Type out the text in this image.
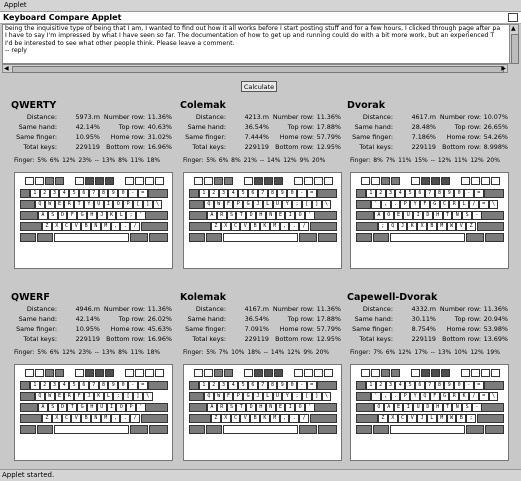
Applet
Keyboard Compare Applet

being the inquisitive type of being that I am, I wanted to find out how it all works before I start posting stuff and for a few hours, I clicked through page after pa

I have to say I'm impressed by what I have seen so far. The documentation of how to get up and running could do with a bit more work, but an experienced T

I'd be interested to see what other people think. Please leave a comment.

-- reply

▲
◀	▶
Calculate
QWERTY
Distance:	5973.m Number row: 11.36%
Same hand:	42.14%	Top row: 40.63%
Same finger:	10.95% Home row: 31.02%
Total keys:	229119 Bottom row: 16.96%
Finger: 5% 6% 12% 23% -- 13% 8% 11% 18%
1	2	3	4	5	6	7	8	9	0	-	=
Q	W	E	R	T	Y	U	I	O	P	[	]	\
A	S	D	F	G	H	J	K	L	;	'
Z	X	C	V	B	N	M	,	.	/
Colemak
Distance:	4213.m Number row: 11.36%
Same hand:	36.54%	Top row: 17.88%
Same finger:	7.444% Home row: 57.79%
Total keys:	229119 Bottom row: 12.95%
Finger: 5% 6% 8% 21% -- 14% 12% 9% 20%
1	2	3	4	5	6	7	8	9	0	-	=
Q	W	F	P	G	J	L	U	Y	;	[	]	\
A	R	S	T	D	H	N	E	I	O	'
Z	X	C	V	B	K	M	,	.	/
Dvorak
Distance:	4617.m Number row: 10.07%
Same hand:	28.48%	Top row: 26.65%
Same finger:	7.186% Home row: 54.26%
Total keys:	229119 Bottom row: 8.998%
Finger: 8% 7% 11% 15% -- 12% 11% 12% 20%
1	2	3	4	5	6	7	8	9	0	-	=
'	,	.	P	Y	F	G	C	R	L	/	=	\
A	O	E	U	I	D	H	T	N	S	-
;	Q	J	K	X	B	M	W	V	Z
QWERF
Distance:	4946.m Number row: 11.36%
Same hand:	42.14%	Top row: 26.02%
Same finger:	10.95% Home row: 45.63%
Total keys:	229119 Bottom row: 16.96%
Finger: 5% 6% 12% 23% -- 13% 8% 11% 18%
1	2	3	4	5	6	7	8	9	0	-	=
Q	W	E	R	F	J	K	L	;	[	]	\
A	S	D	T	G	H	U	I	O	P	'
Z	X	C	V	B	N	M	,	.	/
Kolemak
Distance:	4167.m Number row: 11.36%
Same hand:	36.54%	Top row: 17.88%
Same finger:	7.091% Home row: 57.79%
Total keys:	229119 Bottom row: 12.95%
Finger: 5% 7% 10% 18% -- 14% 12% 9% 20%
1	2	3	4	5	6	7	8	9	0	-	=
Q	W	F	P	G	J	L	U	Y	;	[	]	\
A	R	S	T	D	H	N	E	I	O	'
Z	X	C	V	B	K	M	,	.	/
Capewell-Dvorak
Distance:	4332.m Number row: 11.36%
Same hand:	30.11%	Top row: 20.94%
Same finger:	8.754% Home row: 53.98%
Total keys:	229119 Bottom row: 13.69%
Finger: 7% 6% 12% 17% -- 13% 10% 12% 19%
1	2	3	4	5	6	7	8	9	0	-	=
'	,	.	P	Y	Q	F	G	R	K	/	=	\
O	A	E	I	U	D	H	T	N	S	-
Z	X	C	V	J	L	M	W	B	;
Applet started.
